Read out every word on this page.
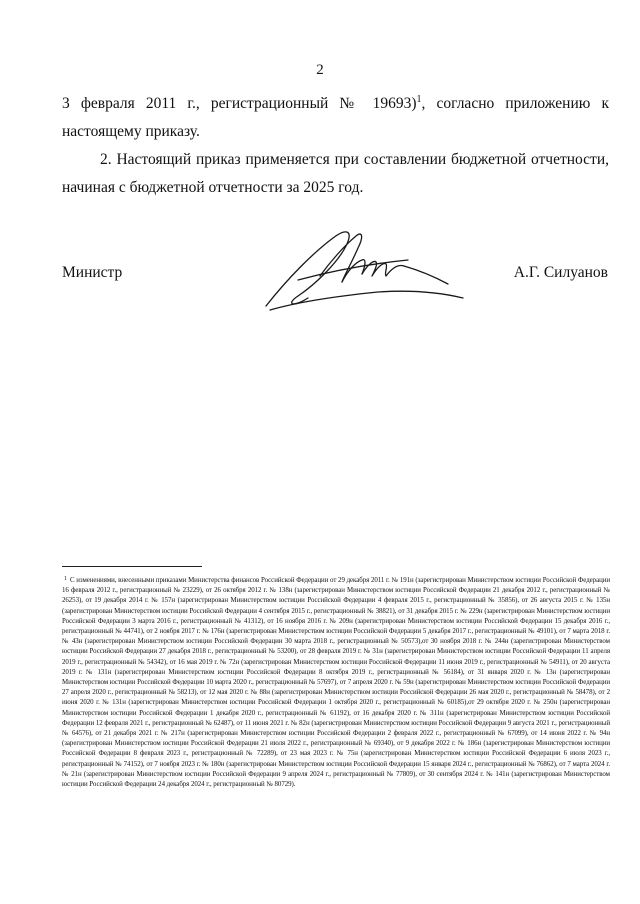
2
3 февраля 2011 г., регистрационный № 19693)$^1$, согласно приложению к настоящему приказу.
2. Настоящий приказ применяется при составлении бюджетной отчетности, начиная с бюджетной отчетности за 2025 год.
Министр	А.Г. Силуанов
1 С изменениями, внесенными приказами Министерства финансов Российской Федерации от 29 декабря 2011 г. № 191н (зарегистрирован Министерством юстиции Российской Федерации 16 февраля 2012 г., регистрационный № 23229), от 26 октября 2012 г. № 138н (зарегистрирован Министерством юстиции Российской Федерации 21 декабря 2012 г., регистрационный № 26253), от 19 декабря 2014 г. № 157н (зарегистрирован Министерством юстиции Российской Федерации 4 февраля 2015 г., регистрационный № 35856), от 26 августа 2015 г. № 135н (зарегистрирован Министерством юстиции Российской Федерации 4 сентября 2015 г., регистрационный № 38821), от 31 декабря 2015 г. № 229н (зарегистрирован Министерством юстиции Российской Федерации 3 марта 2016 г., регистрационный № 41312), от 16 ноября 2016 г. № 209н (зарегистрирован Министерством юстиции Российской Федерации 15 декабря 2016 г., регистрационный № 44741), от 2 ноября 2017 г. № 176н (зарегистрирован Министерством юстиции Российской Федерации 5 декабря 2017 г., регистрационный № 49101), от 7 марта 2018 г. № 43н (зарегистрирован Министерством юстиции Российской Федерации 30 марта 2018 г., регистрационный № 50573),от 30 ноября 2018 г. № 244н (зарегистрирован Министерством юстиции Российской Федерации 27 декабря 2018 г., регистрационный № 53200), от 28 февраля 2019 г. № 31н (зарегистрирован Министерством юстиции Российской Федерации 11 апреля 2019 г., регистрационный № 54342), от 16 мая 2019 г. № 72н (зарегистрирован Министерством юстиции Российской Федерации 11 июня 2019 г., регистрационный № 54911), от 20 августа 2019 г. № 131н (зарегистрирован Министерством юстиции Российской Федерации 8 октября 2019 г., регистрационный № 56184), от 31 января 2020 г. № 13н (зарегистрирован Министерством юстиции Российской Федерации 10 марта 2020 г., регистрационный № 57697), от 7 апреля 2020 г. № 59н (зарегистрирован Министерством юстиции Российской Федерации 27 апреля 2020 г., регистрационный № 58213), от 12 мая 2020 г. № 88н (зарегистрирован Министерством юстиции Российской Федерации 26 мая 2020 г., регистрационный № 58478), от 2 июня 2020 г. № 131н (зарегистрирован Министерством юстиции Российской Федерации 1 октября 2020 г., регистрационный № 60185),от 29 октября 2020 г. № 250н (зарегистрирован Министерством юстиции Российской Федерации 1 декабря 2020 г., регистрационный № 61192), от 16 декабря 2020 г. № 311н (зарегистрирован Министерством юстиции Российской Федерации 12 февраля 2021 г., регистрационный № 62487), от 11 июня 2021 г. № 82н (зарегистрирован Министерством юстиции Российской Федерации 9 августа 2021 г., регистрационный № 64576), от 21 декабря 2021 г. № 217н (зарегистрирован Министерством юстиции Российской Федерации 2 февраля 2022 г., регистрационный № 67099), от 14 июня 2022 г. № 94н (зарегистрирован Министерством юстиции Российской Федерации 21 июля 2022 г., регистрационный № 69340), от 9 декабря 2022 г. № 186н (зарегистрирован Министерством юстиции Российской Федерации 8 февраля 2023 г., регистрационный № 72289), от 23 мая 2023 г. № 75н (зарегистрирован Министерством юстиции Российской Федерации 6 июля 2023 г., регистрационный № 74152), от 7 ноября 2023 г. № 180н (зарегистрирован Министерством юстиции Российской Федерации 15 января 2024 г., регистрационный № 76862), от 7 марта 2024 г. № 21н (зарегистрирован Министерством юстиции Российской Федерации 9 апреля 2024 г., регистрационный № 77809), от 30 сентября 2024 г. № 141н (зарегистрирован Министерством юстиции Российской Федерации 24 декабря 2024 г., регистрационный № 80729).
